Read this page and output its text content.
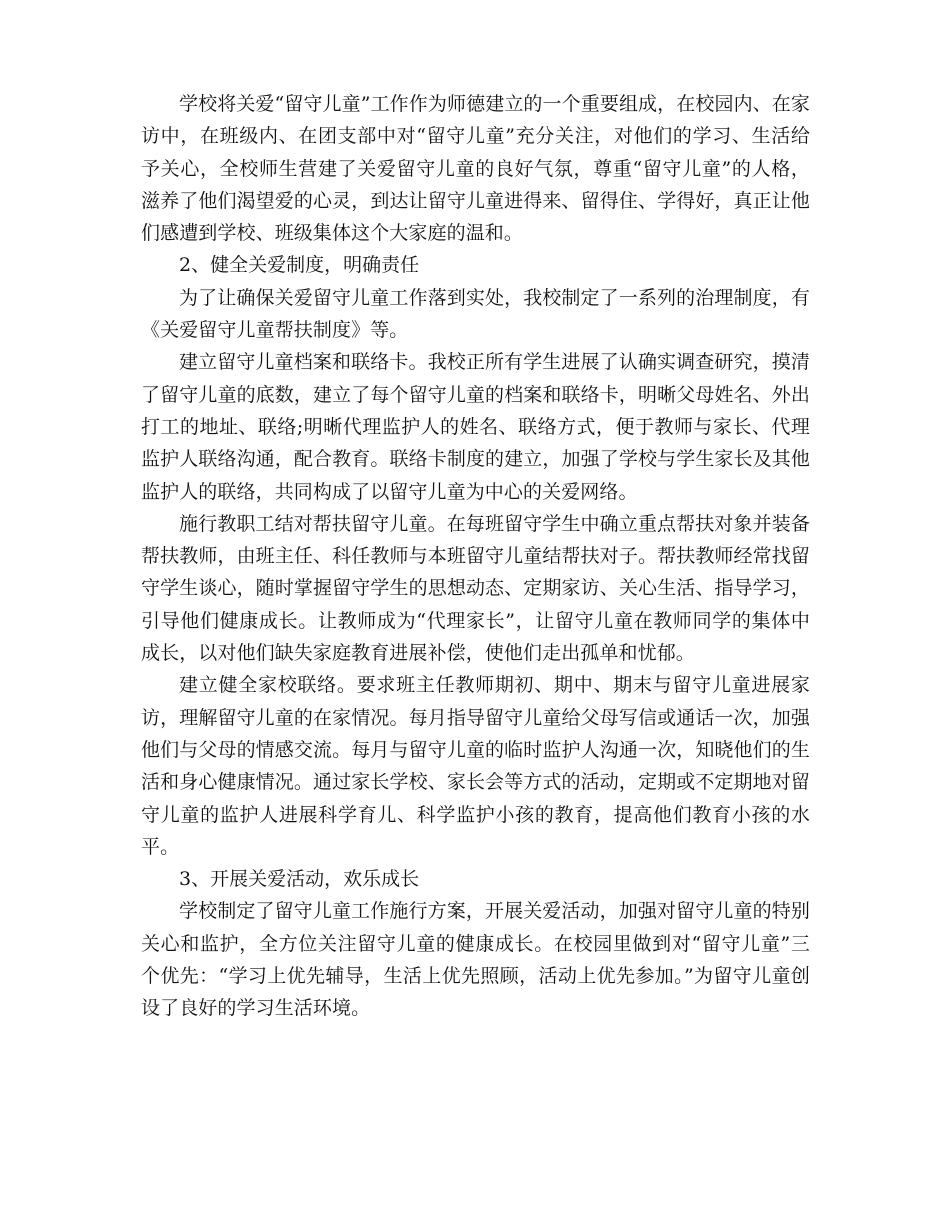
学校将关爱“留守儿童”工作作为师德建立的一个重要组成，在校园内、在家访中，在班级内、在团支部中对“留守儿童”充分关注，对他们的学习、生活给予关心，全校师生营建了关爱留守儿童的良好气氛，尊重“留守儿童”的人格，滋养了他们渴望爱的心灵，到达让留守儿童进得来、留得住、学得好，真正让他们感遭到学校、班级集体这个大家庭的温和。

2、健全关爱制度，明确责任

为了让确保关爱留守儿童工作落到实处，我校制定了一系列的治理制度，有《关爱留守儿童帮扶制度》等。

建立留守儿童档案和联络卡。我校正所有学生进展了认确实调查研究，摸清了留守儿童的底数，建立了每个留守儿童的档案和联络卡，明晰父母姓名、外出打工的地址、联络;明晰代理监护人的姓名、联络方式，便于教师与家长、代理监护人联络沟通，配合教育。联络卡制度的建立，加强了学校与学生家长及其他监护人的联络，共同构成了以留守儿童为中心的关爱网络。

施行教职工结对帮扶留守儿童。在每班留守学生中确立重点帮扶对象并装备帮扶教师，由班主任、科任教师与本班留守儿童结帮扶对子。帮扶教师经常找留守学生谈心，随时掌握留守学生的思想动态、定期家访、关心生活、指导学习，引导他们健康成长。让教师成为“代理家长”，让留守儿童在教师同学的集体中成长，以对他们缺失家庭教育进展补偿，使他们走出孤单和忧郁。

建立健全家校联络。要求班主任教师期初、期中、期末与留守儿童进展家访，理解留守儿童的在家情况。每月指导留守儿童给父母写信或通话一次，加强他们与父母的情感交流。每月与留守儿童的临时监护人沟通一次，知晓他们的生活和身心健康情况。通过家长学校、家长会等方式的活动，定期或不定期地对留守儿童的监护人进展科学育儿、科学监护小孩的教育，提高他们教育小孩的水平。

3、开展关爱活动，欢乐成长

学校制定了留守儿童工作施行方案，开展关爱活动，加强对留守儿童的特别关心和监护，全方位关注留守儿童的健康成长。在校园里做到对“留守儿童”三个优先：“学习上优先辅导，生活上优先照顾，活动上优先参加。”为留守儿童创设了良好的学习生活环境。
